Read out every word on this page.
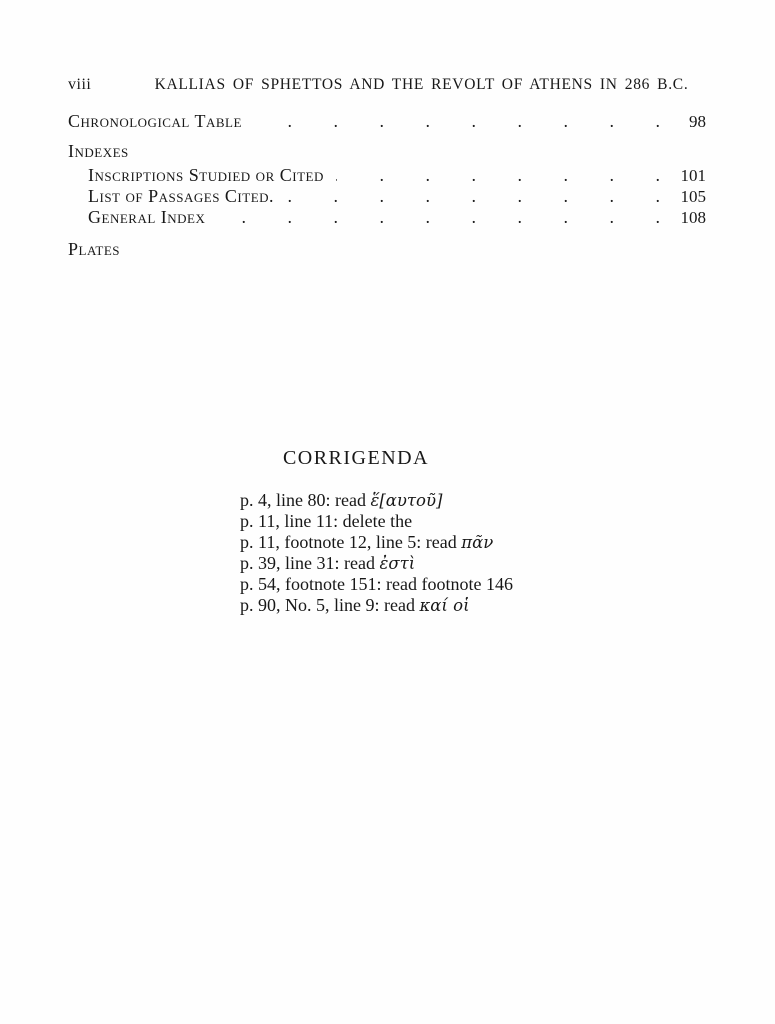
viii	KALLIAS OF SPHETTOS AND THE REVOLT OF ATHENS IN 286 B.C.
Chronological Table . . .	98
Indexes
Inscriptions Studied or Cited . . .	101
List of Passages Cited. . . .	105
General Index . . .	108
Plates
CORRIGENDA
p. 4, line 80: read ἕ[αυτοῦ]
p. 11, line 11: delete the
p. 11, footnote 12, line 5: read πᾶν
p. 39, line 31: read ἐστὶ
p. 54, footnote 151: read footnote 146
p. 90, No. 5, line 9: read καί οἱ
